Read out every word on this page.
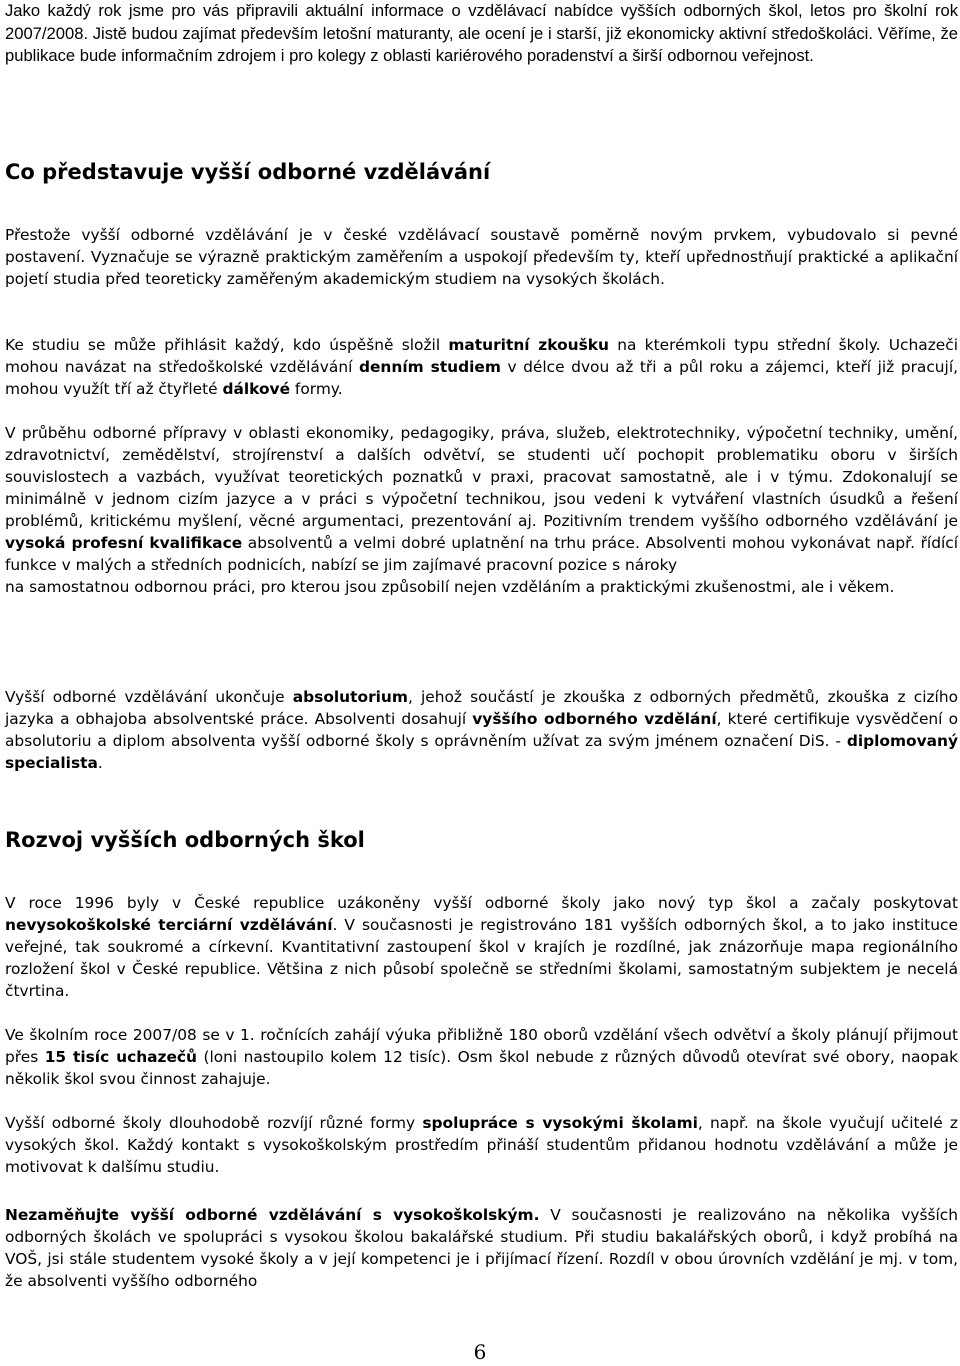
Jako každý rok jsme pro vás připravili aktuální informace o vzdělávací nabídce vyšších odborných škol, letos pro školní rok 2007/2008. Jistě budou zajímat především letošní maturanty, ale ocení je i starší, již ekonomicky aktivní středoškoláci. Věříme, že publikace bude informačním zdrojem i pro kolegy z oblasti kariérového poradenství a širší odbornou veřejnost.

Co představuje vyšší odborné vzdělávání

Přestože vyšší odborné vzdělávání je v české vzdělávací soustavě poměrně novým prvkem, vybudovalo si pevné postavení. Vyznačuje se výrazně praktickým zaměřením a uspokojí především ty, kteří upřednostňují praktické a aplikační pojetí studia před teoreticky zaměřeným akademickým studiem na vysokých školách.

Ke studiu se může přihlásit každý, kdo úspěšně složil maturitní zkoušku na kterémkoli typu střední školy. Uchazeči mohou navázat na středoškolské vzdělávání denním studiem v délce dvou až tři a půl roku a zájemci, kteří již pracují, mohou využít tří až čtyřleté dálkové formy.

V průběhu odborné přípravy v oblasti ekonomiky, pedagogiky, práva, služeb, elektrotechniky, výpočetní techniky, umění, zdravotnictví, zemědělství, strojírenství a dalších odvětví, se studenti učí pochopit problematiku oboru v širších souvislostech a vazbách, využívat teoretických poznatků v praxi, pracovat samostatně, ale i v týmu. Zdokonalují se minimálně v jednom cizím jazyce a v práci s výpočetní technikou, jsou vedeni k vytváření vlastních úsudků a řešení problémů, kritickému myšlení, věcné argumentaci, prezentování aj. Pozitivním trendem vyššího odborného vzdělávání je vysoká profesní kvalifikace absolventů a velmi dobré uplatnění na trhu práce. Absolventi mohou vykonávat např. řídící funkce v malých a středních podnicích, nabízí se jim zajímavé pracovní pozice s nároky
na samostatnou odbornou práci, pro kterou jsou způsobilí nejen vzděláním a praktickými zkušenostmi, ale i věkem.

Vyšší odborné vzdělávání ukončuje absolutorium, jehož součástí je zkouška z odborných předmětů, zkouška z cizího jazyka a obhajoba absolventské práce. Absolventi dosahují vyššího odborného vzdělání, které certifikuje vysvědčení o absolutoriu a diplom absolventa vyšší odborné školy s oprávněním užívat za svým jménem označení DiS. - diplomovaný specialista.

Rozvoj vyšších odborných škol

V roce 1996 byly v České republice uzákoněny vyšší odborné školy jako nový typ škol a začaly poskytovat nevysokoškolské terciární vzdělávání. V současnosti je registrováno 181 vyšších odborných škol, a to jako instituce veřejné, tak soukromé a církevní. Kvantitativní zastoupení škol v krajích je rozdílné, jak znázorňuje mapa regionálního rozložení škol v České republice. Většina z nich působí společně se středními školami, samostatným subjektem je necelá čtvrtina.

Ve školním roce 2007/08 se v 1. ročnících zahájí výuka přibližně 180 oborů vzdělání všech odvětví a školy plánují přijmout přes 15 tisíc uchazečů (loni nastoupilo kolem 12 tisíc). Osm škol nebude z různých důvodů otevírat své obory, naopak několik škol svou činnost zahajuje.

Vyšší odborné školy dlouhodobě rozvíjí různé formy spolupráce s vysokými školami, např. na škole vyučují učitelé z vysokých škol. Každý kontakt s vysokoškolským prostředím přináší studentům přidanou hodnotu vzdělávání a může je motivovat k dalšímu studiu.

Nezaměňujte vyšší odborné vzdělávání s vysokoškolským. V současnosti je realizováno na několika vyšších odborných školách ve spolupráci s vysokou školou bakalářské studium. Při studiu bakalářských oborů, i když probíhá na VOŠ, jsi stále studentem vysoké školy a v její kompetenci je i přijímací řízení. Rozdíl v obou úrovních vzdělání je mj. v tom, že absolventi vyššího odborného

6
